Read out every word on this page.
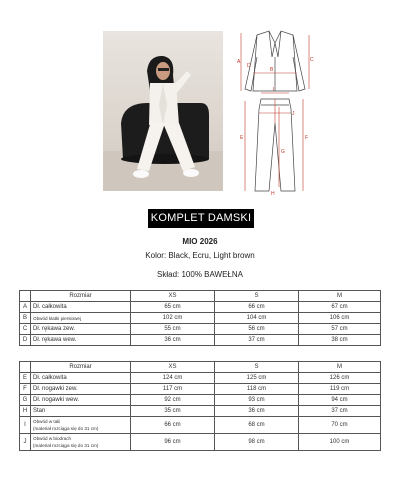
A
B
C
D
E	F
G
H
I
J
KOMPLET DAMSKI
MIO 2026
Kolor: Black, Ecru, Light brown
Skład: 100% BAWEŁNA
	Rozmiar	XS	S	M
A	Dł. całkowita	65 cm	66 cm	67 cm
B	Obwód klatki piersiowej	102 cm	104 cm	106 cm
C	Dł. rękawa zew.	55 cm	56 cm	57 cm
D	Dł. rękawa wew.	36 cm	37 cm	38 cm
	Rozmiar	XS	S	M
E	Dł. całkowita	124 cm	125 cm	126 cm
F	Dł. nogawki zew.	117 cm	118 cm	119 cm
G	Dł. nogawki wew.	92 cm	93 cm	94 cm
H	Stan	35 cm	36 cm	37 cm
I	Obwód w talii
(materiał rozciąga się do 31 cm)	66 cm	68 cm	70 cm
J	Obwód w biodrach
(materiał rozciąga się do 31 cm)	96 cm	98 cm	100 cm
